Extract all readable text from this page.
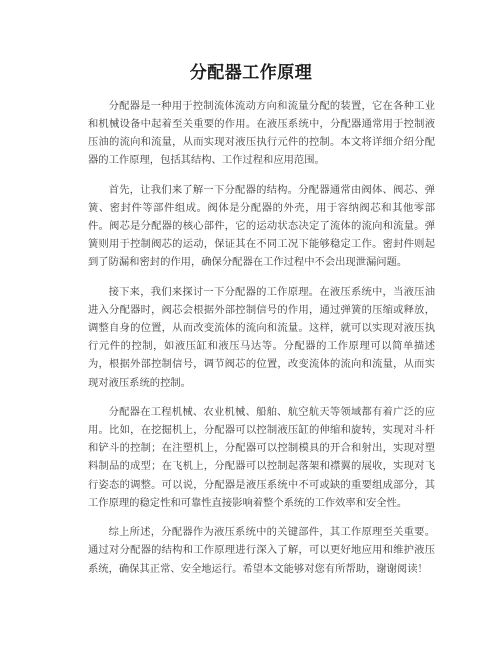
分配器工作原理

分配器是一种用于控制流体流动方向和流量分配的装置，它在各种工业和机械设备中起着至关重要的作用。在液压系统中，分配器通常用于控制液压油的流向和流量，从而实现对液压执行元件的控制。本文将详细介绍分配器的工作原理，包括其结构、工作过程和应用范围。

首先，让我们来了解一下分配器的结构。分配器通常由阀体、阀芯、弹簧、密封件等部件组成。阀体是分配器的外壳，用于容纳阀芯和其他零部件。阀芯是分配器的核心部件，它的运动状态决定了流体的流向和流量。弹簧则用于控制阀芯的运动，保证其在不同工况下能够稳定工作。密封件则起到了防漏和密封的作用，确保分配器在工作过程中不会出现泄漏问题。

接下来，我们来探讨一下分配器的工作原理。在液压系统中，当液压油进入分配器时，阀芯会根据外部控制信号的作用，通过弹簧的压缩或释放，调整自身的位置，从而改变流体的流向和流量。这样，就可以实现对液压执行元件的控制，如液压缸和液压马达等。分配器的工作原理可以简单描述为，根据外部控制信号，调节阀芯的位置，改变流体的流向和流量，从而实现对液压系统的控制。

分配器在工程机械、农业机械、船舶、航空航天等领域都有着广泛的应用。比如，在挖掘机上，分配器可以控制液压缸的伸缩和旋转，实现对斗杆和铲斗的控制；在注塑机上，分配器可以控制模具的开合和射出，实现对塑料制品的成型；在飞机上，分配器可以控制起落架和襟翼的展收，实现对飞行姿态的调整。可以说，分配器是液压系统中不可或缺的重要组成部分，其工作原理的稳定性和可靠性直接影响着整个系统的工作效率和安全性。

综上所述，分配器作为液压系统中的关键部件，其工作原理至关重要。通过对分配器的结构和工作原理进行深入了解，可以更好地应用和维护液压系统，确保其正常、安全地运行。希望本文能够对您有所帮助，谢谢阅读！
